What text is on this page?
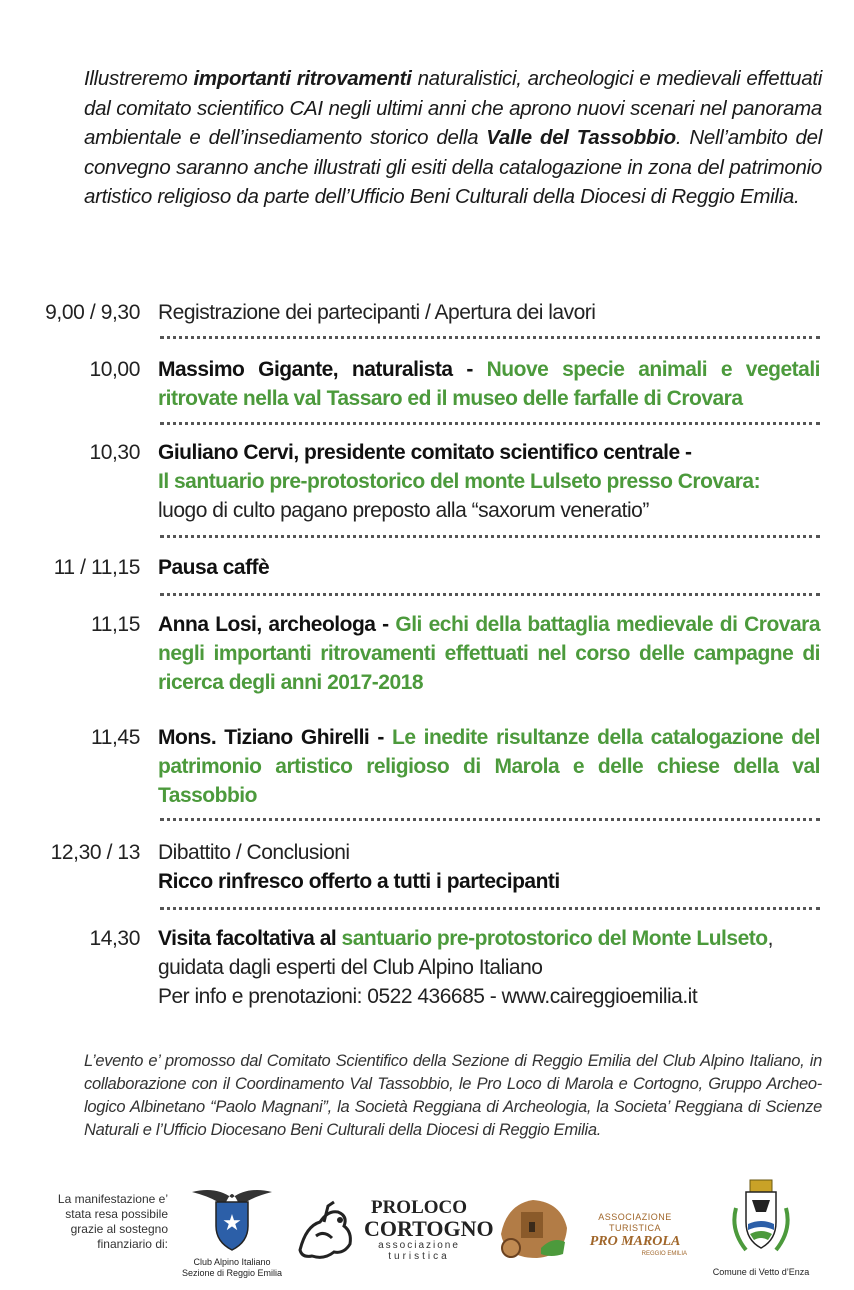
Illustreremo importanti ritrovamenti naturalistici, archeologici e medievali effettuati dal comitato scientifico CAI negli ultimi anni che aprono nuovi scenari nel panorama ambientale e dell’insediamento storico della Valle del Tassobbio. Nell’ambito del convegno saranno anche illustrati gli esiti della catalogazione in zona del patrimonio artistico religioso da parte dell’Ufficio Beni Culturali della Diocesi di Reggio Emilia.
9,00 / 9,30 Registrazione dei partecipanti / Apertura dei lavori
10,00 Massimo Gigante, naturalista - Nuove specie animali e vegetali ritrovate nella val Tassaro ed il museo delle farfalle di Crovara
10,30 Giuliano Cervi, presidente comitato scientifico centrale -
Il santuario pre-protostorico del monte Lulseto presso Crovara:
luogo di culto pagano preposto alla “saxorum veneratio”
11 / 11,15 Pausa caffè
11,15 Anna Losi, archeologa - Gli echi della battaglia medievale di Crovara negli importanti ritrovamenti effettuati nel corso delle campagne di ricerca degli anni 2017-2018
11,45 Mons. Tiziano Ghirelli - Le inedite risultanze della catalogazione del patrimonio artistico religioso di Marola e delle chiese della val Tassobbio
12,30 / 13 Dibattito / Conclusioni
Ricco rinfresco offerto a tutti i partecipanti
14,30 Visita facoltativa al santuario pre-protostorico del Monte Lulseto,
guidata dagli esperti del Club Alpino Italiano
Per info e prenotazioni: 0522 436685 - www.caireggioemilia.it
L’evento e’ promosso dal Comitato Scientifico della Sezione di Reggio Emilia del Club Alpino Italiano, in collaborazione con il Coordinamento Val Tassobbio, le Pro Loco di Marola e Cortogno, Gruppo Archeo-logico Albinetano “Paolo Magnani”, la Società Reggiana di Archeologia, la Societa’ Reggiana di Scienze Naturali e l’Ufficio Diocesano Beni Culturali della Diocesi di Reggio Emilia.
La manifestazione e’ stata resa possibile grazie al sostegno finanziario di:
★
Club Alpino Italiano
Sezione di Reggio Emilia
PROLOCO
CORTOGNO
associazione
turistica
ASSOCIAZIONE TURISTICA
PRO MAROLA
REGGIO EMILIA
Comune di Vetto d’Enza
